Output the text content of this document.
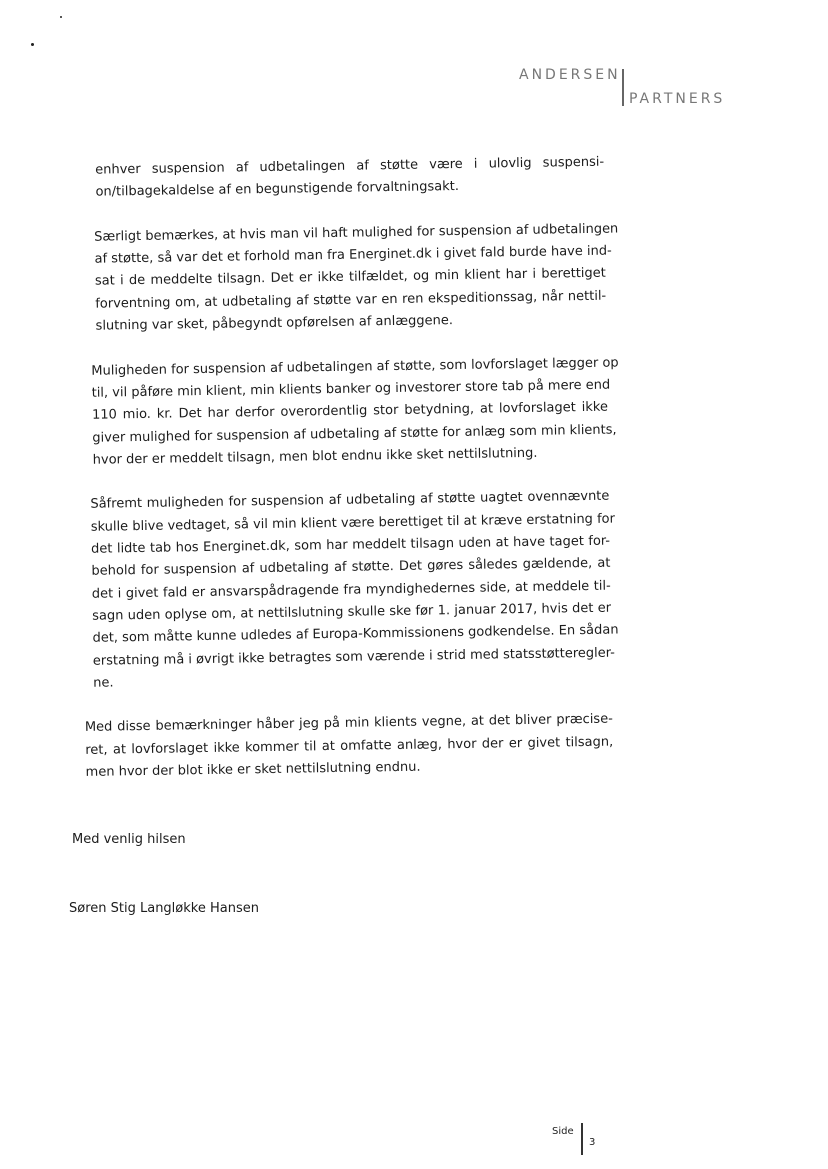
ANDERSEN
PARTNERS
enhver suspension af udbetalingen af støtte være i ulovlig suspensi-
on/tilbagekaldelse af en begunstigende forvaltningsakt.
Særligt bemærkes, at hvis man vil haft mulighed for suspension af udbetalingen
af støtte, så var det et forhold man fra Energinet.dk i givet fald burde have ind-
sat i de meddelte tilsagn. Det er ikke tilfældet, og min klient har i berettiget
forventning om, at udbetaling af støtte var en ren ekspeditionssag, når nettil-
slutning var sket, påbegyndt opførelsen af anlæggene.
Muligheden for suspension af udbetalingen af støtte, som lovforslaget lægger op
til, vil påføre min klient, min klients banker og investorer store tab på mere end
110 mio. kr. Det har derfor overordentlig stor betydning, at lovforslaget ikke
giver mulighed for suspension af udbetaling af støtte for anlæg som min klients,
hvor der er meddelt tilsagn, men blot endnu ikke sket nettilslutning.
Såfremt muligheden for suspension af udbetaling af støtte uagtet ovennævnte
skulle blive vedtaget, så vil min klient være berettiget til at kræve erstatning for
det lidte tab hos Energinet.dk, som har meddelt tilsagn uden at have taget for-
behold for suspension af udbetaling af støtte. Det gøres således gældende, at
det i givet fald er ansvarspådragende fra myndighedernes side, at meddele til-
sagn uden oplyse om, at nettilslutning skulle ske før 1. januar 2017, hvis det er
det, som måtte kunne udledes af Europa-Kommissionens godkendelse. En sådan
erstatning må i øvrigt ikke betragtes som værende i strid med statsstøtteregler-
ne.
Med disse bemærkninger håber jeg på min klients vegne, at det bliver præcise-
ret, at lovforslaget ikke kommer til at omfatte anlæg, hvor der er givet tilsagn,
men hvor der blot ikke er sket nettilslutning endnu.
Med venlig hilsen
Søren Stig Langløkke Hansen
Side
3
